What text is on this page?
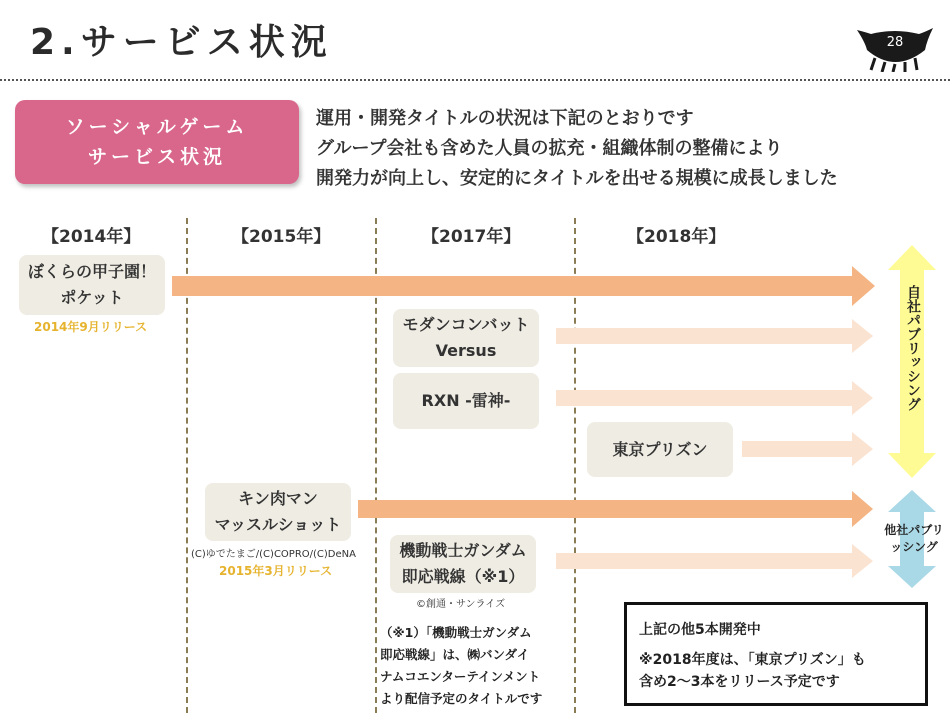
2.サービス状況	28
ソーシャルゲーム
サービス状況
運用・開発タイトルの状況は下記のとおりです
グループ会社も含めた人員の拡充・組織体制の整備により
開発力が向上し、安定的にタイトルを出せる規模に成長しました
【2014年】	【2015年】	【2017年】	【2018年】
ぼくらの甲子園！
ポケット
2014年9月リリース	モダンコンバット
Versus
RXN -雷神-
東京プリズン
キン肉マン
マッスルショット
(C)ゆでたまご/(C)COPRO/(C)DeNA
2015年3月リリース
機動戦士ガンダム
即応戦線（※1）
©創通・サンライズ
自社パブリッシング
他社パブリ
ッシング
（※1）「機動戦士ガンダム
即応戦線」は、㈱バンダイ
ナムコエンターテインメント
より配信予定のタイトルです
上記の他5本開発中
※2018年度は、「東京プリズン」も
含め2～3本をリリース予定です
